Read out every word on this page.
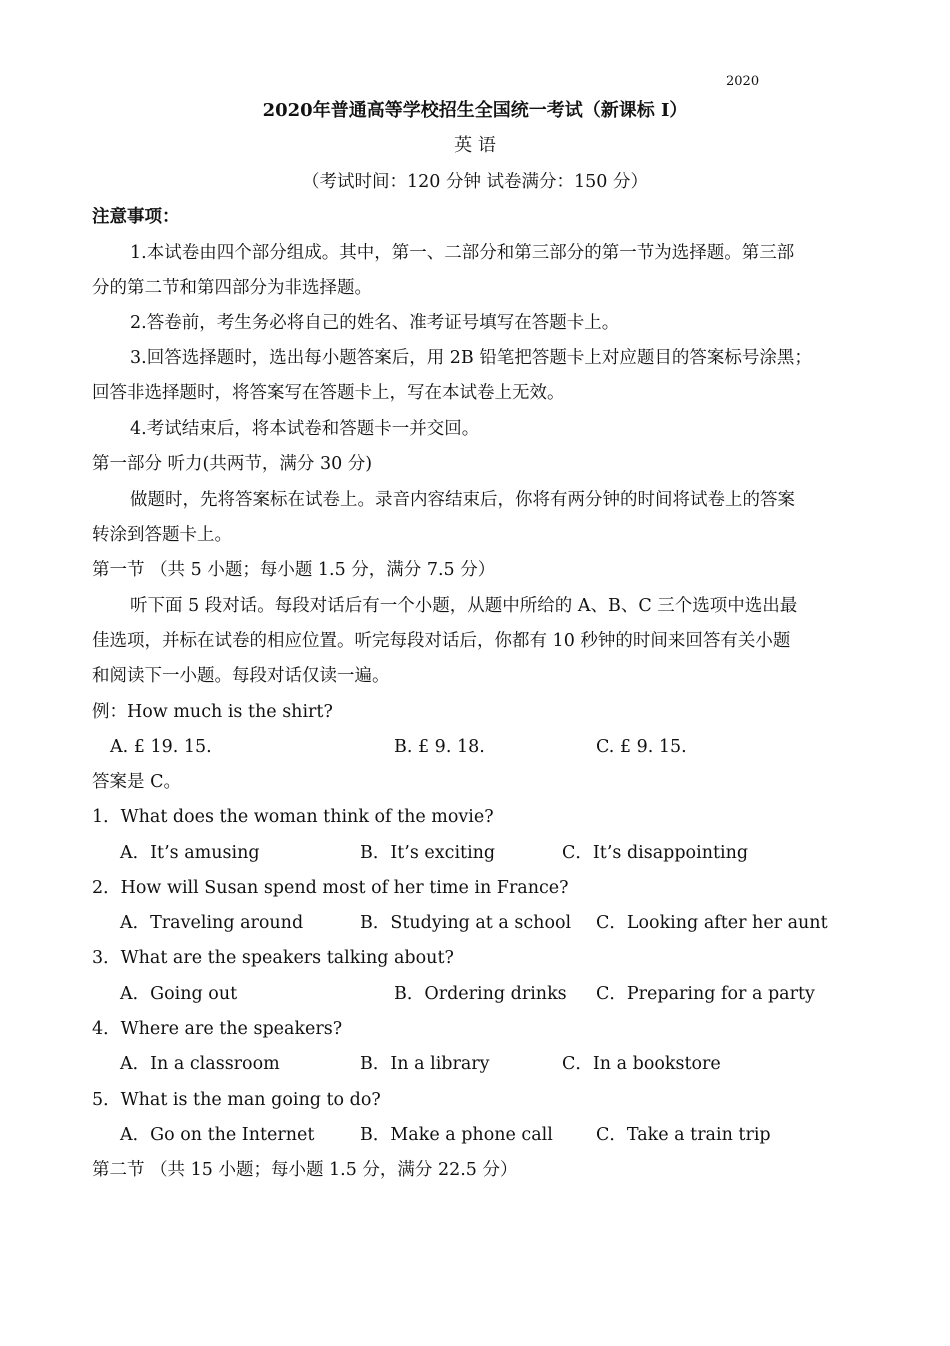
2020
2020年普通高等学校招生全国统一考试（新课标 I）
英 语
（考试时间：120 分钟 试卷满分：150 分）
注意事项：
1.本试卷由四个部分组成。其中，第一、二部分和第三部分的第一节为选择题。第三部
分的第二节和第四部分为非选择题。
2.答卷前，考生务必将自己的姓名、准考证号填写在答题卡上。
3.回答选择题时，选出每小题答案后，用 2B 铅笔把答题卡上对应题目的答案标号涂黑；
回答非选择题时，将答案写在答题卡上，写在本试卷上无效。
4.考试结束后，将本试卷和答题卡一并交回。
第一部分 听力(共两节，满分 30 分)
做题时，先将答案标在试卷上。录音内容结束后，你将有两分钟的时间将试卷上的答案
转涂到答题卡上。
第一节 （共 5 小题；每小题 1.5 分，满分 7.5 分）
听下面 5 段对话。每段对话后有一个小题，从题中所给的 A、B、C 三个选项中选出最
佳选项，并标在试卷的相应位置。听完每段对话后，你都有 10 秒钟的时间来回答有关小题
和阅读下一小题。每段对话仅读一遍。
例：How much is the shirt?
A. £ 19. 15.	B. £ 9. 18.	C. £ 9. 15.
答案是 C。
1．What does the woman think of the movie?
A．It’s amusing	B．It’s exciting	C．It’s disappointing
2．How will Susan spend most of her time in France?
A．Traveling around	B．Studying at a school C．Looking after her aunt
3．What are the speakers talking about?
A．Going out	B．Ordering drinks C．Preparing for a party
4．Where are the speakers?
A．In a classroom	B．In a library	C．In a bookstore
5．What is the man going to do?
A．Go on the Internet	B．Make a phone call C．Take a train trip
第二节 （共 15 小题；每小题 1.5 分，满分 22.5 分）
